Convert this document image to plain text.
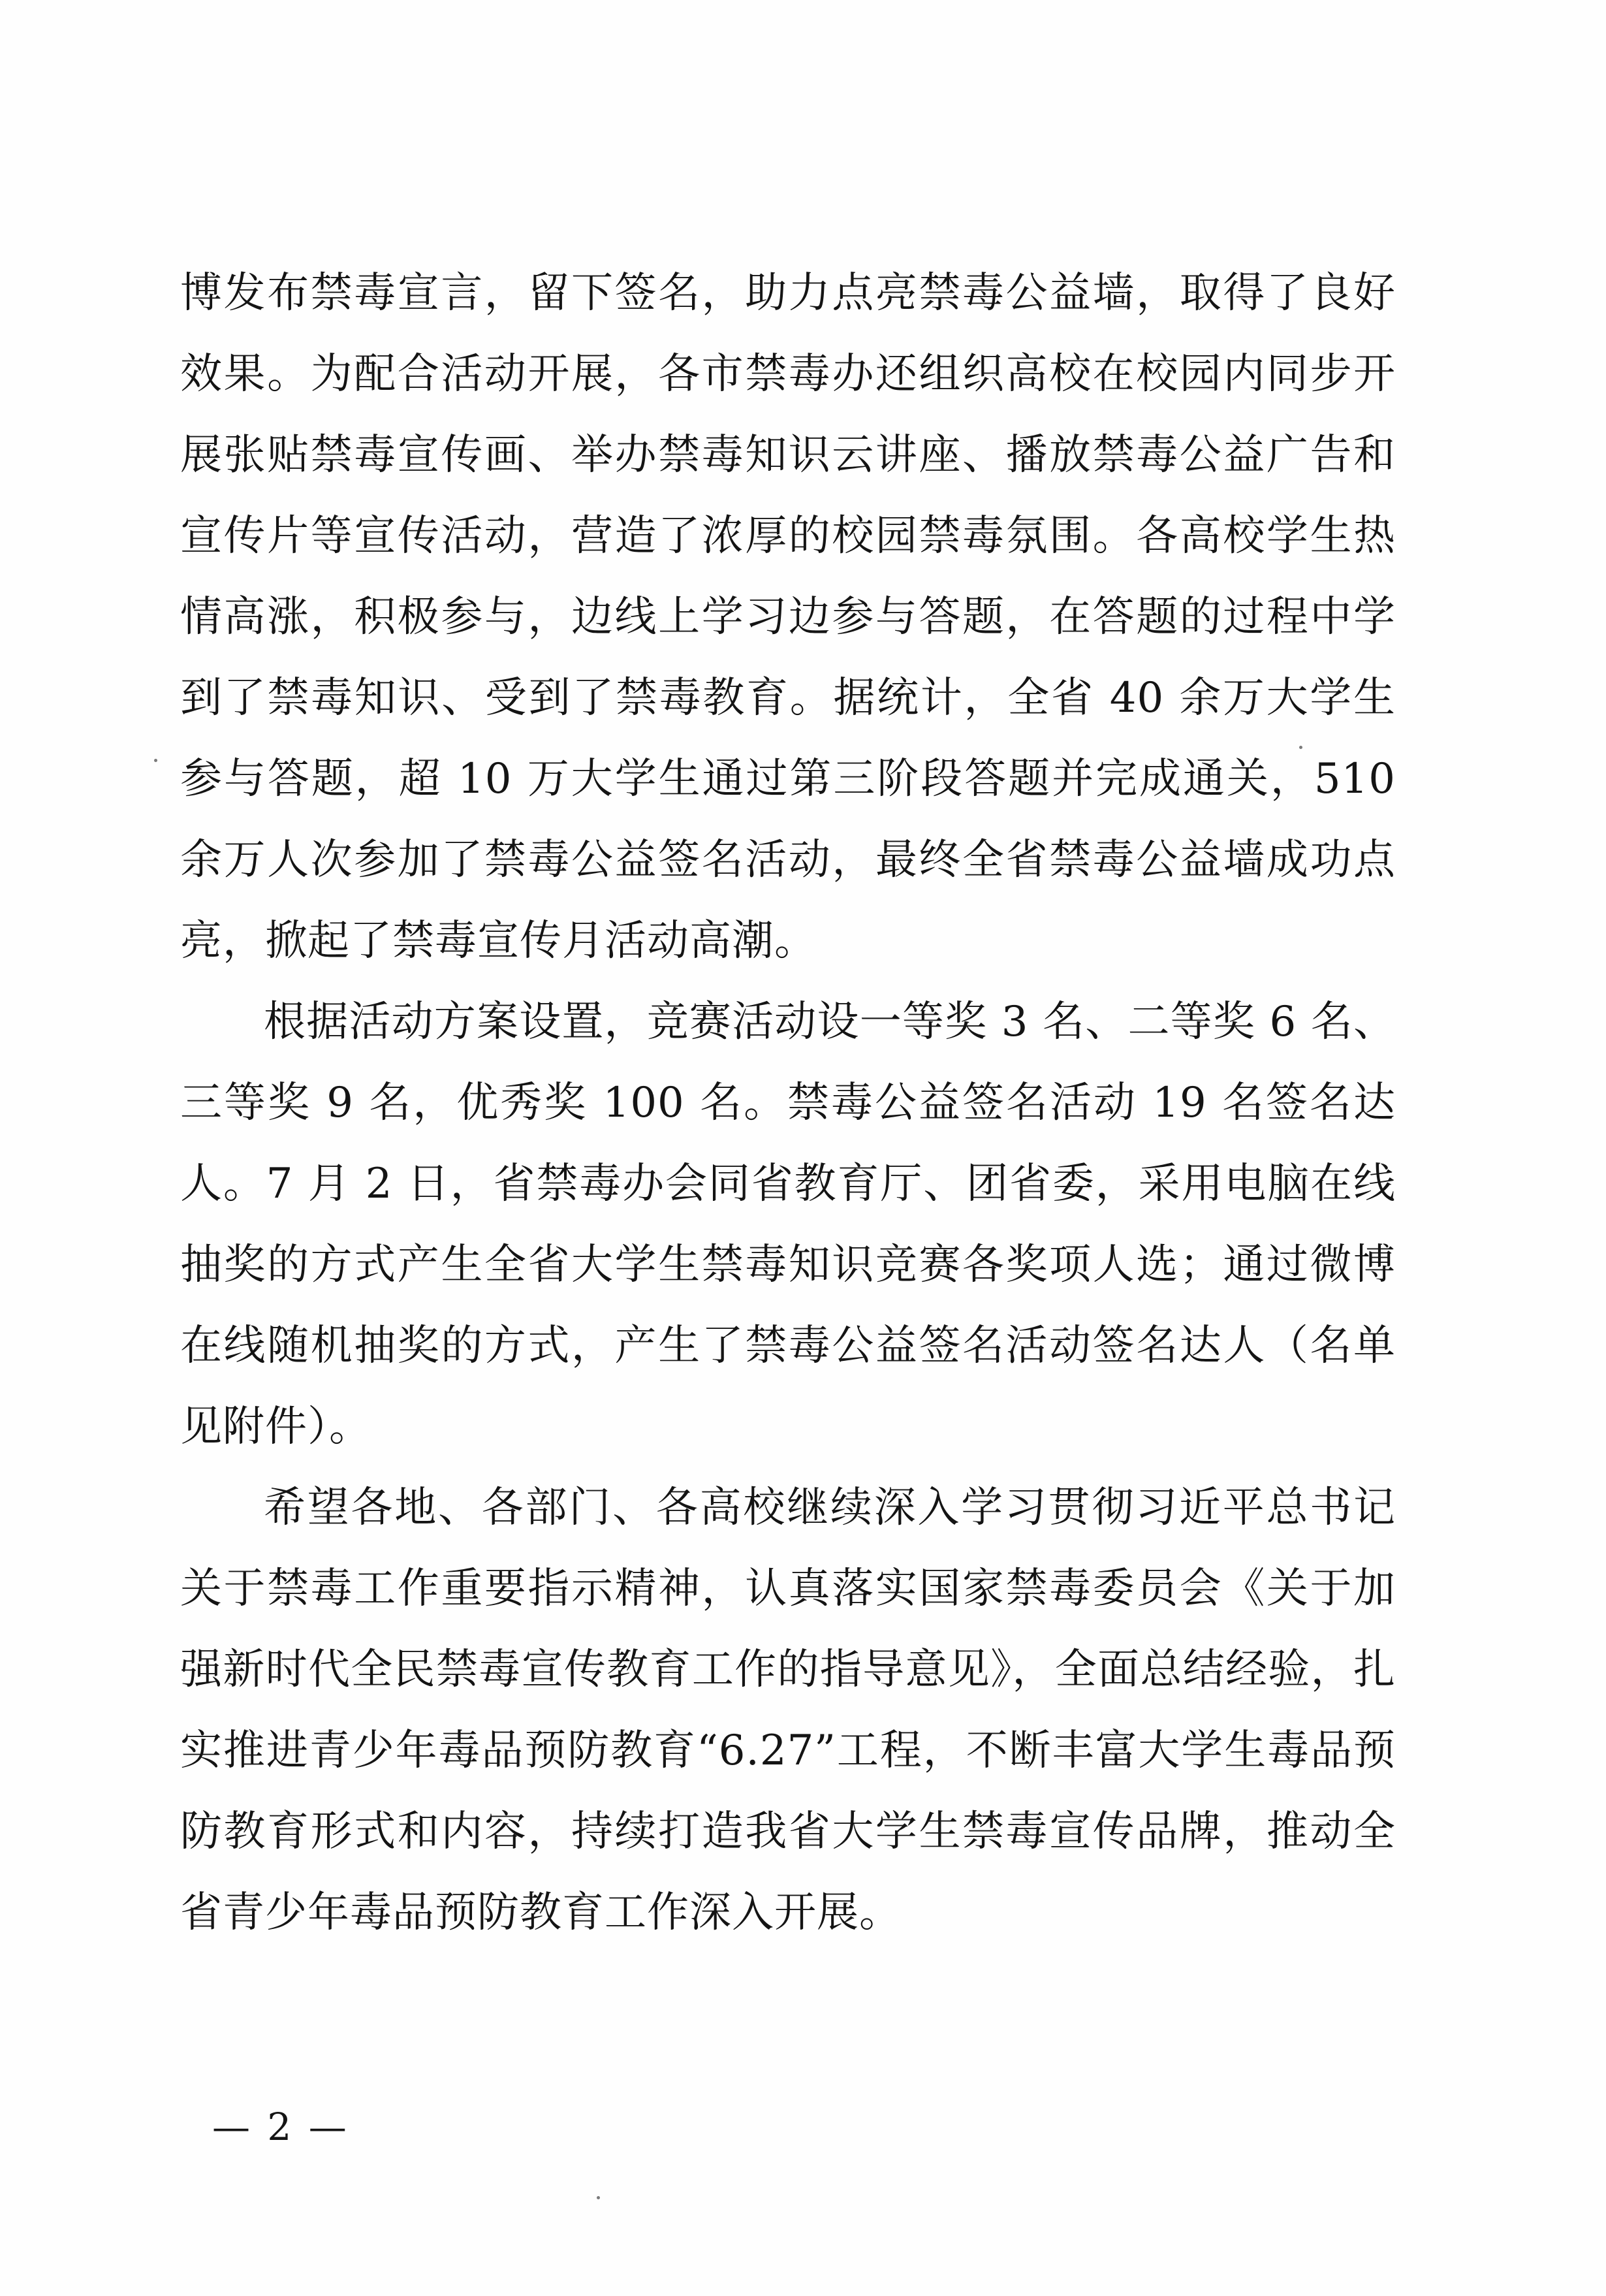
博发布禁毒宣言，留下签名，助力点亮禁毒公益墙，取得了良好效果。为配合活动开展，各市禁毒办还组织高校在校园内同步开展张贴禁毒宣传画、举办禁毒知识云讲座、播放禁毒公益广告和宣传片等宣传活动，营造了浓厚的校园禁毒氛围。各高校学生热情高涨，积极参与，边线上学习边参与答题，在答题的过程中学到了禁毒知识、受到了禁毒教育。据统计，全省 40 余万大学生参与答题，超 10 万大学生通过第三阶段答题并完成通关，510 余万人次参加了禁毒公益签名活动，最终全省禁毒公益墙成功点亮，掀起了禁毒宣传月活动高潮。

根据活动方案设置，竞赛活动设一等奖 3 名、二等奖 6 名、三等奖 9 名，优秀奖 100 名。禁毒公益签名活动 19 名签名达人。7 月 2 日，省禁毒办会同省教育厅、团省委，采用电脑在线抽奖的方式产生全省大学生禁毒知识竞赛各奖项人选；通过微博在线随机抽奖的方式，产生了禁毒公益签名活动签名达人（名单见附件）。

希望各地、各部门、各高校继续深入学习贯彻习近平总书记关于禁毒工作重要指示精神，认真落实国家禁毒委员会《关于加强新时代全民禁毒宣传教育工作的指导意见》，全面总结经验，扎实推进青少年毒品预防教育“6.27”工程，不断丰富大学生毒品预防教育形式和内容，持续打造我省大学生禁毒宣传品牌，推动全省青少年毒品预防教育工作深入开展。

— 2 —
